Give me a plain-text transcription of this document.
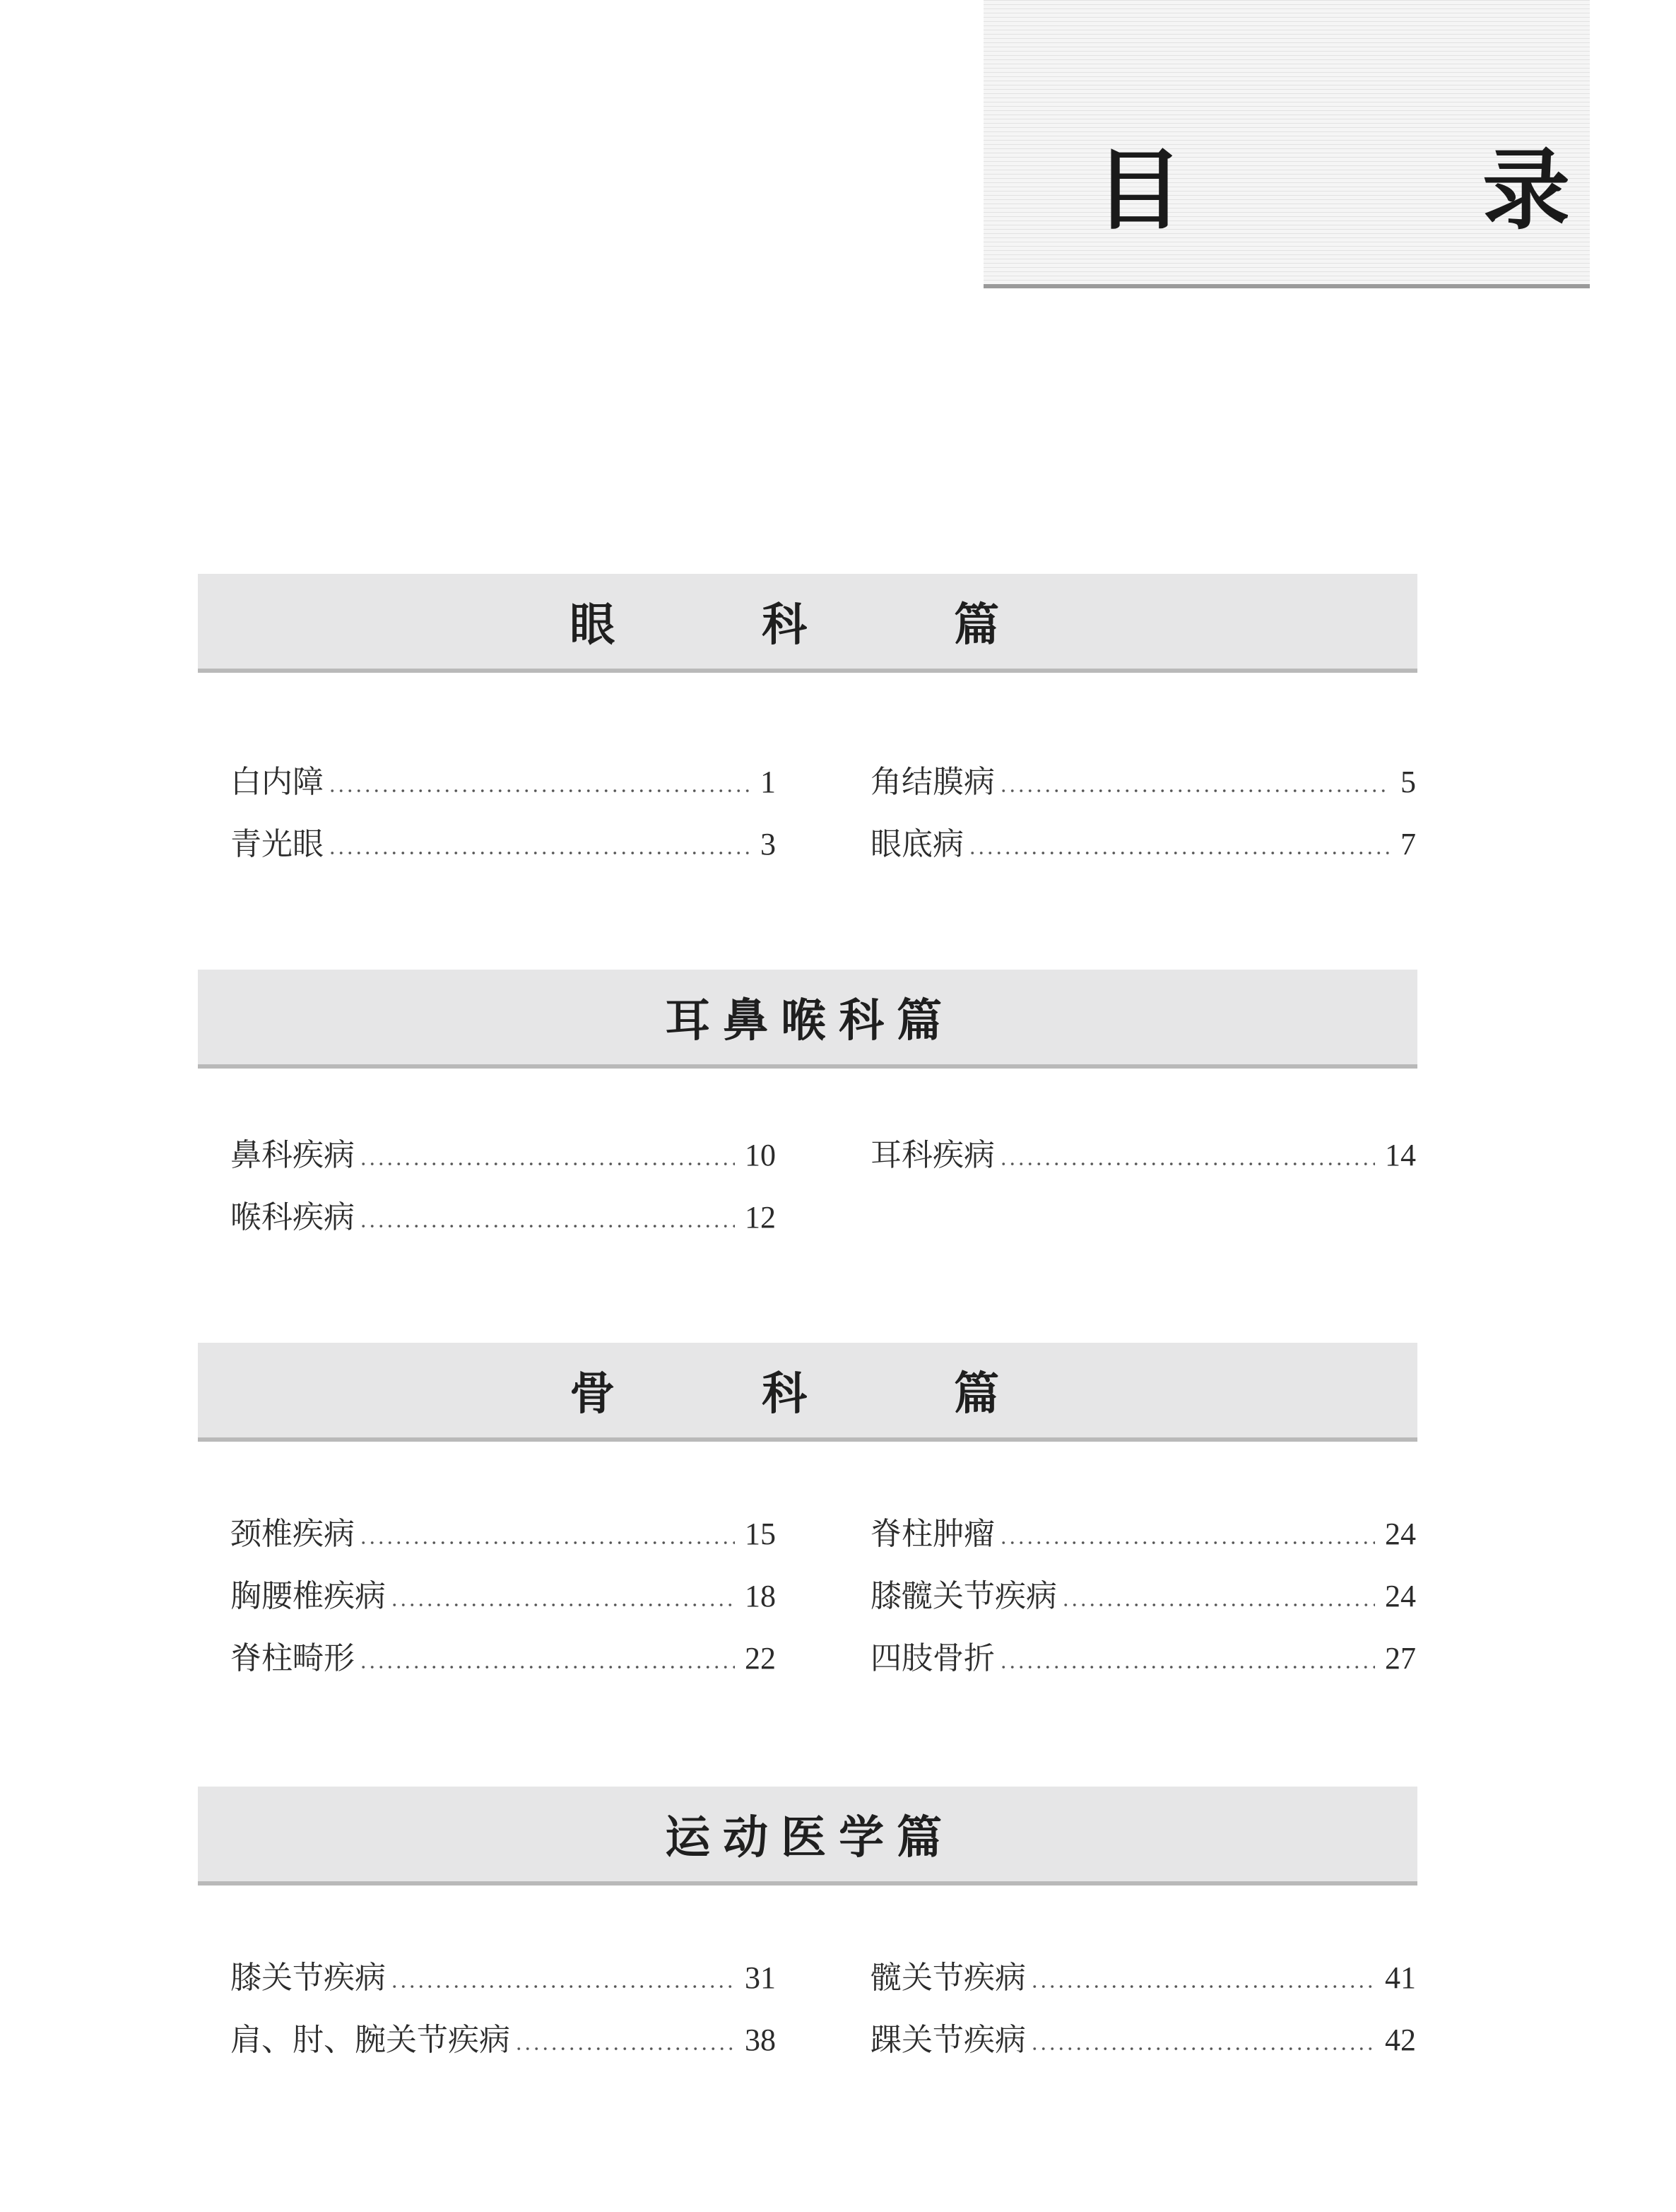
目　录
眼　科　篇
白内障	1
青光眼	3
角结膜病	5
眼底病	7
耳鼻喉科篇
鼻科疾病	10
喉科疾病	12
耳科疾病	14
骨　科　篇
颈椎疾病	15
胸腰椎疾病	18
脊柱畸形	22
脊柱肿瘤	24
膝髋关节疾病	24
四肢骨折	27
运动医学篇
膝关节疾病	31
肩、肘、腕关节疾病	38
髋关节疾病	41
踝关节疾病	42
